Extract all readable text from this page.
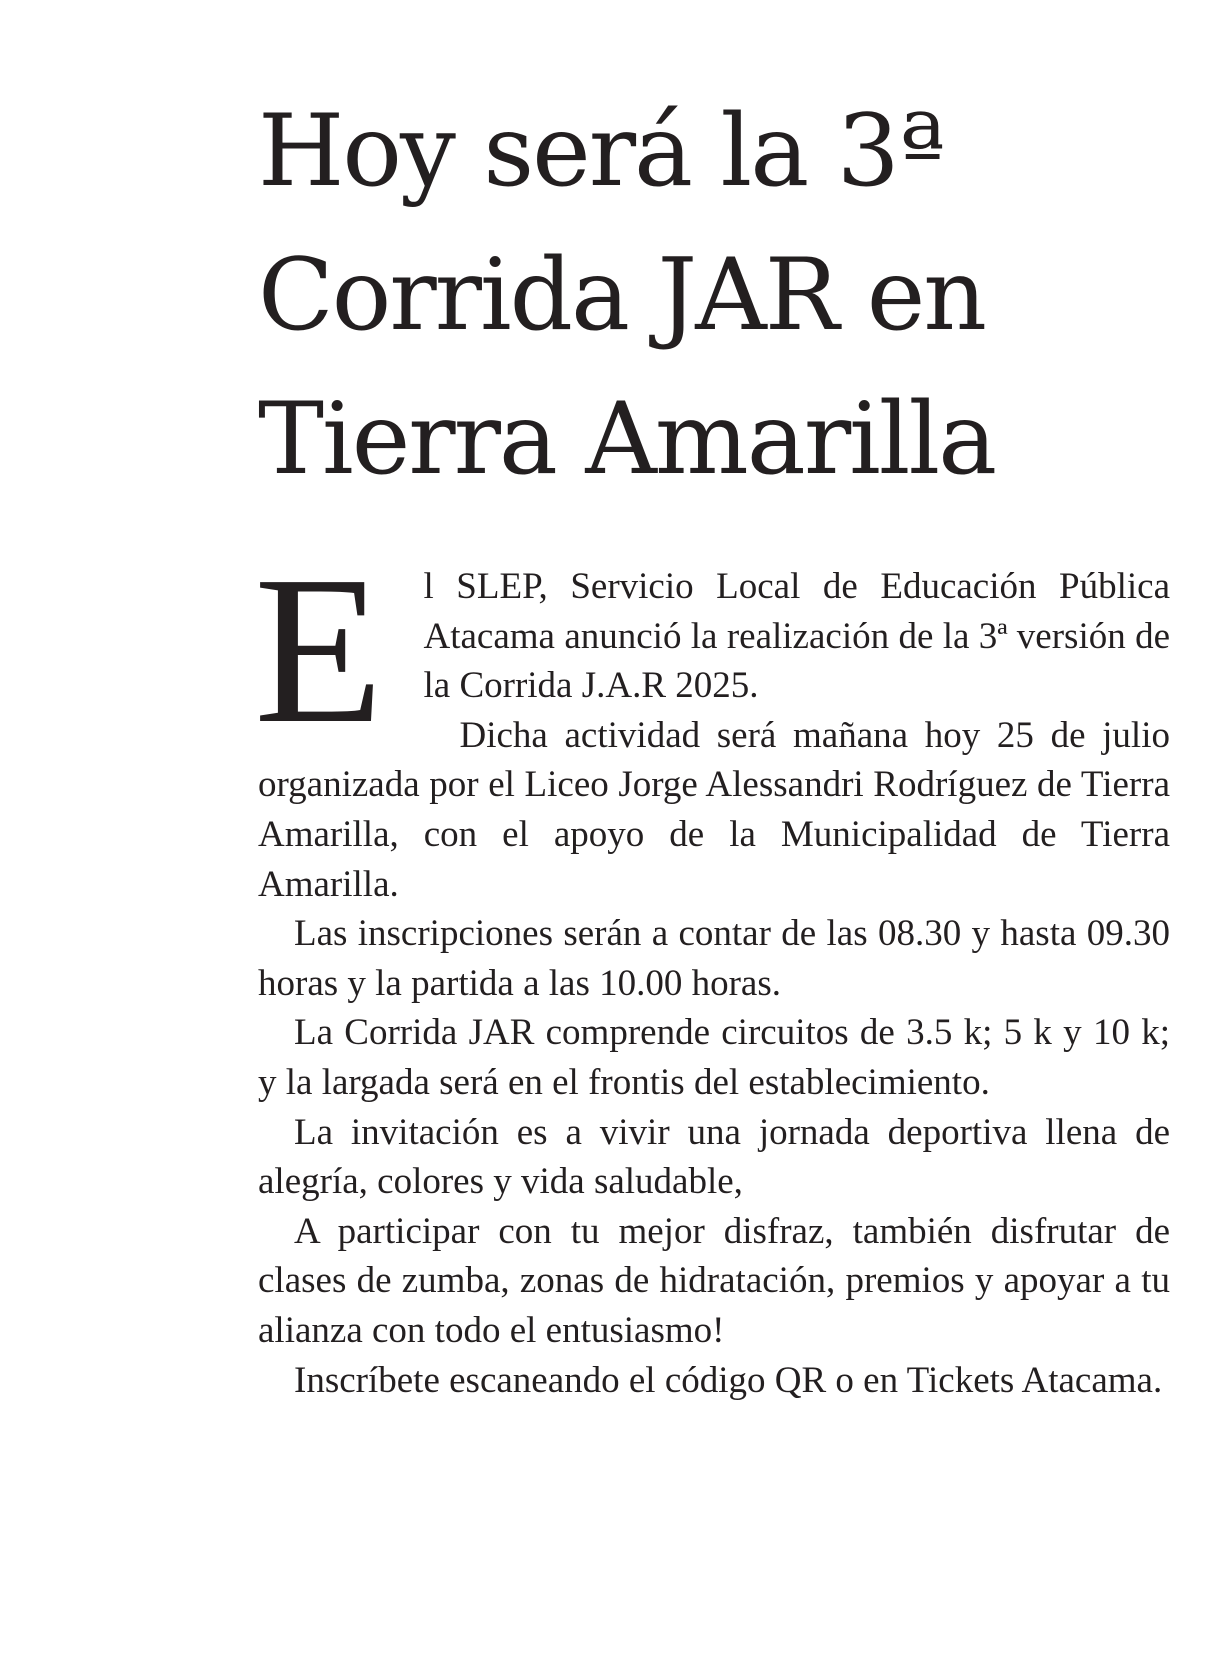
Hoy será la 3ª
Corrida JAR en
Tierra Amarilla

E l SLEP, Servicio Local de Educación Pública Atacama anunció la realización de la 3ª versión de la Corrida J.A.R 2025.

Dicha actividad será mañana hoy 25 de julio organizada por el Liceo Jorge Alessandri Rodríguez de Tierra Amarilla, con el apoyo de la Municipalidad de Tierra Amarilla.

Las inscripciones serán a contar de las 08.30 y hasta 09.30 horas y la partida a las 10.00 horas.

La Corrida JAR comprende circuitos de 3.5 k; 5 k y 10 k; y la largada será en el frontis del establecimiento.

La invitación es a vivir una jornada deportiva llena de alegría, colores y vida saludable,

A participar con tu mejor disfraz, también disfrutar de clases de zumba, zonas de hidratación, premios y apoyar a tu alianza con todo el entusiasmo!

Inscríbete escaneando el código QR o en Tickets Atacama.
